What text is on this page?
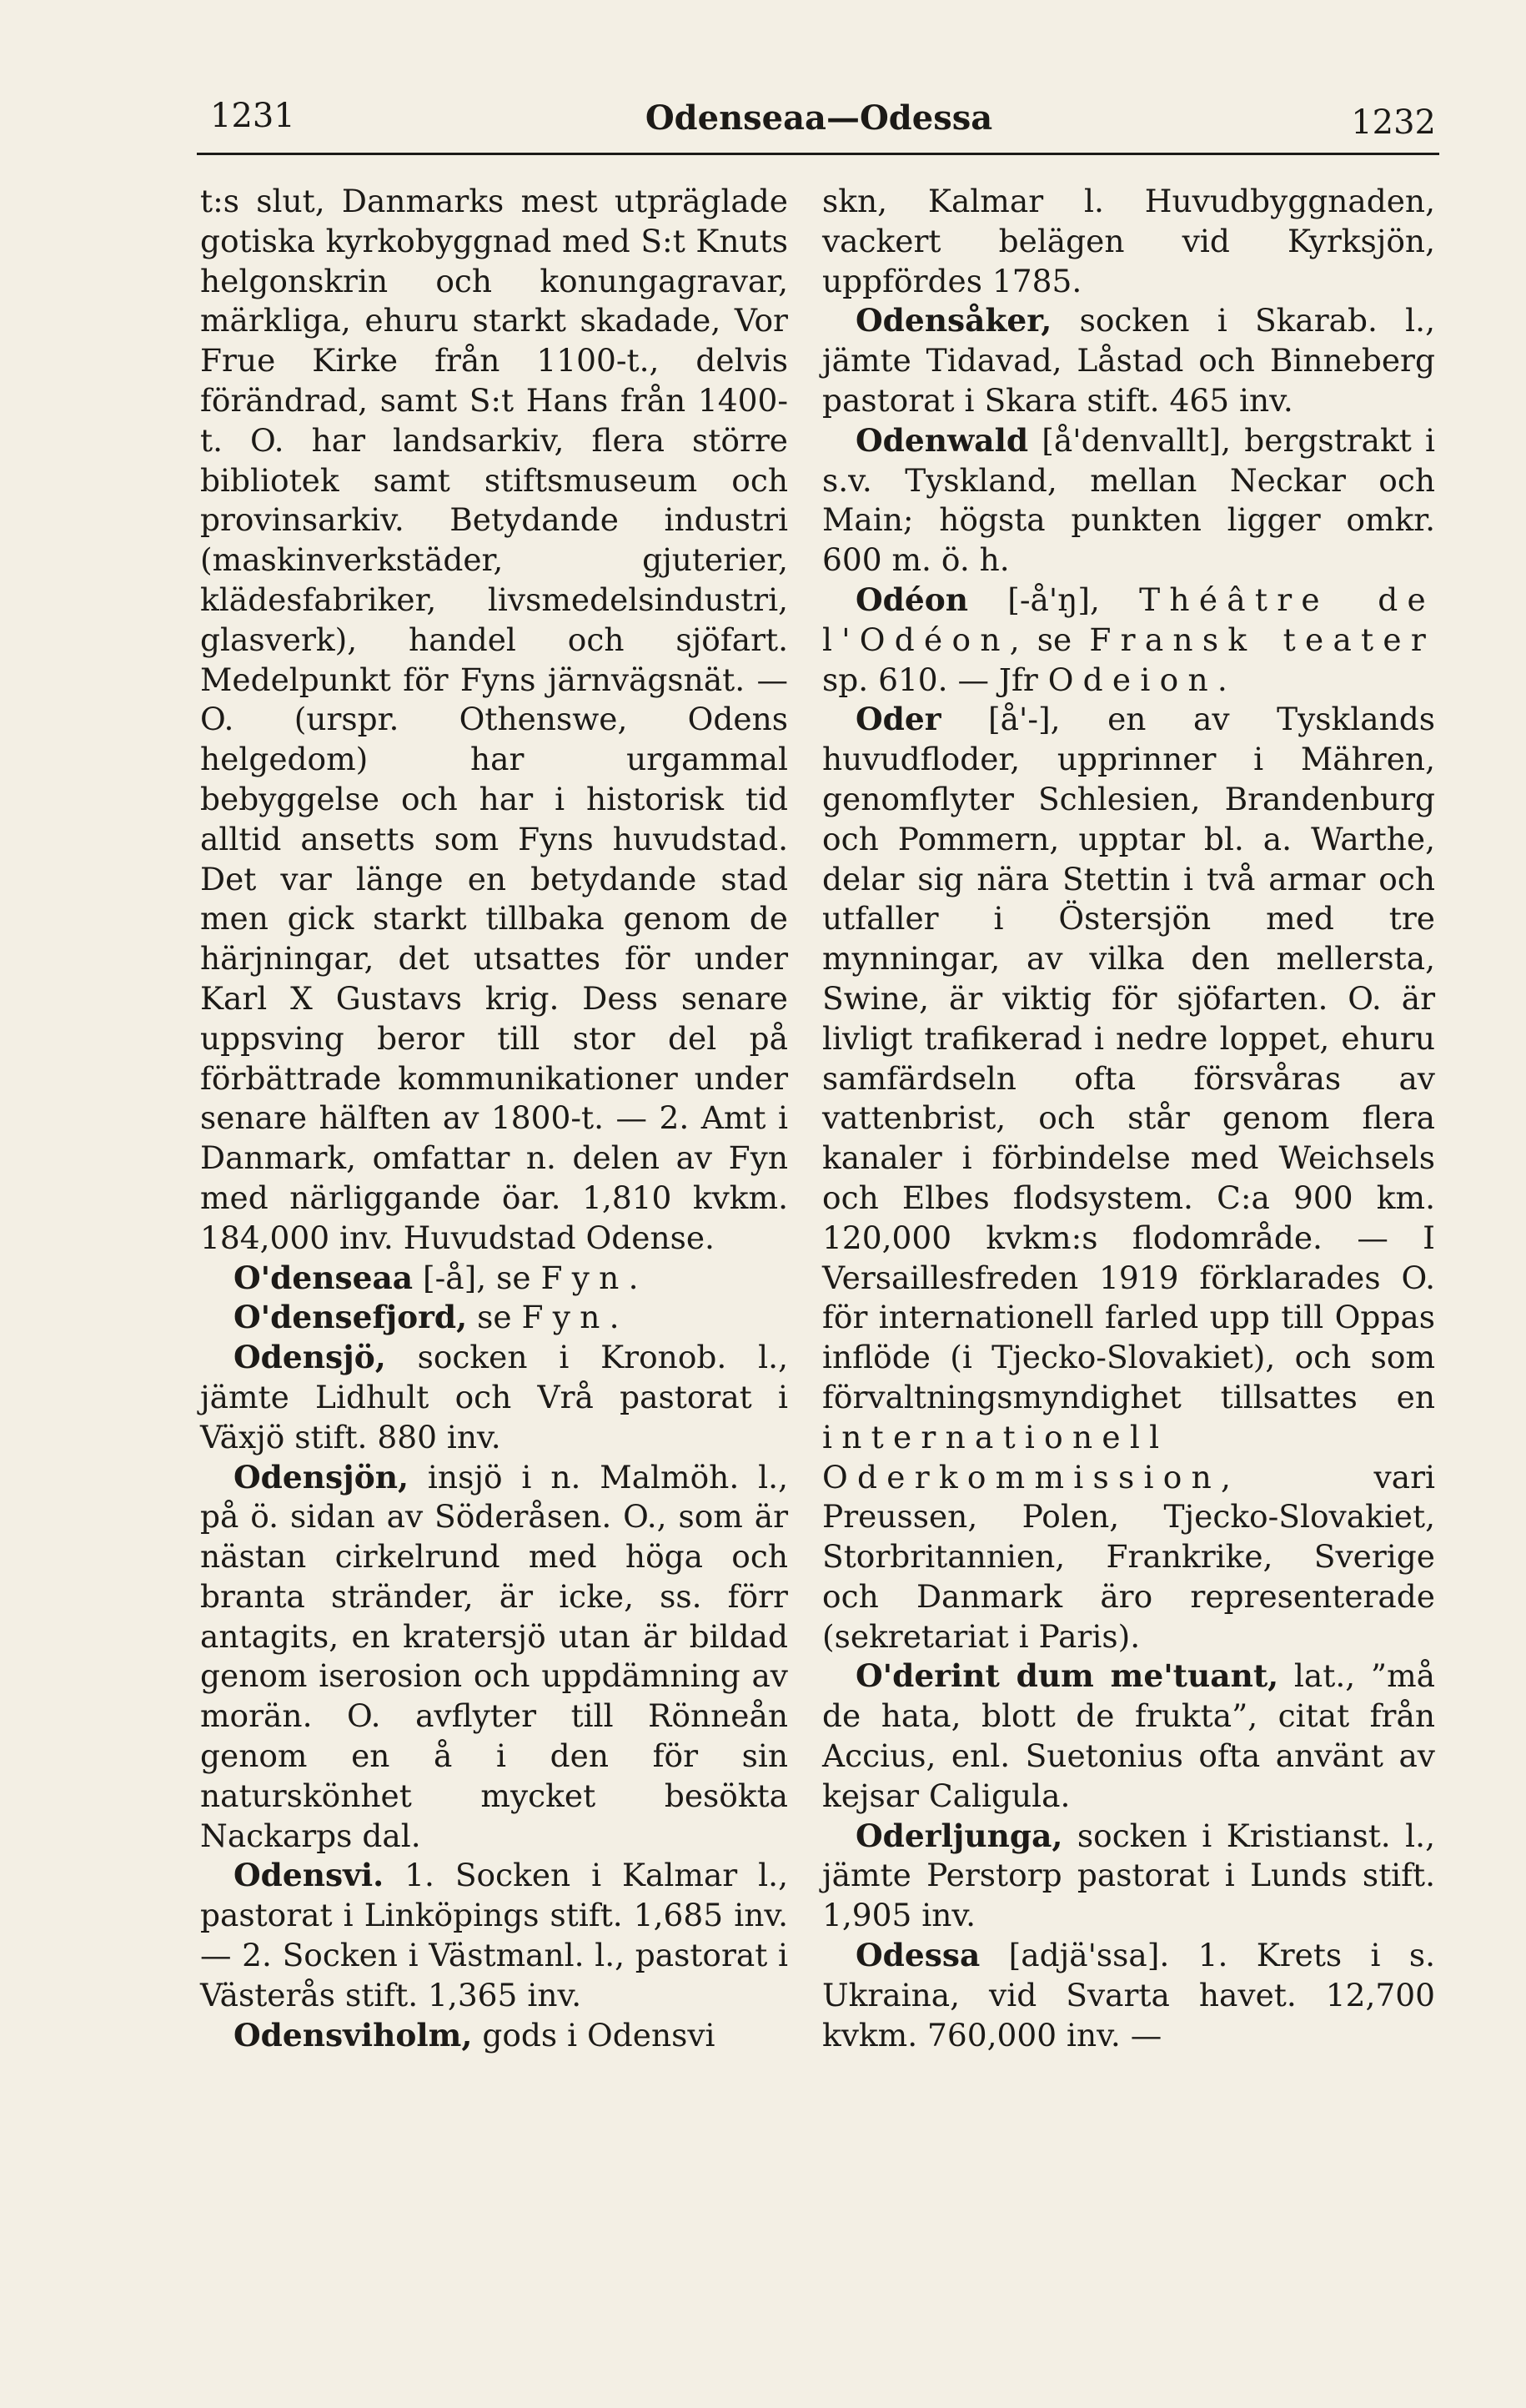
1231	Odenseaa—Odessa	1232

t:s slut, Danmarks mest utpräglade gotiska kyrkobyggnad med S:t Knuts helgonskrin och konungagravar, märkliga, ehuru starkt skadade, Vor Frue Kirke från 1100-t., delvis förändrad, samt S:t Hans från 1400-t. O. har landsarkiv, flera större bibliotek samt stiftsmuseum och provinsarkiv. Betydande industri (maskinverkstäder, gjuterier, klädesfabriker, livsmedelsindustri, glasverk), handel och sjöfart. Medelpunkt för Fyns järnvägsnät. — O. (urspr. Othenswe, Odens helgedom) har urgammal bebyggelse och har i historisk tid alltid ansetts som Fyns huvudstad. Det var länge en betydande stad men gick starkt tillbaka genom de härjningar, det utsattes för under Karl X Gustavs krig. Dess senare uppsving beror till stor del på förbättrade kommunikationer under senare hälften av 1800-t. — 2. Amt i Danmark, omfattar n. delen av Fyn med närliggande öar. 1,810 kvkm. 184,000 inv. Huvudstad Odense.

O'denseaa [-å], se Fyn.

O'densefjord, se Fyn.

Odensjö, socken i Kronob. l., jämte Lidhult och Vrå pastorat i Växjö stift. 880 inv.

Odensjön, insjö i n. Malmöh. l., på ö. sidan av Söderåsen. O., som är nästan cirkelrund med höga och branta stränder, är icke, ss. förr antagits, en kratersjö utan är bildad genom iserosion och uppdämning av morän. O. avflyter till Rönneån genom en å i den för sin naturskönhet mycket besökta Nackarps dal.

Odensvi. 1. Socken i Kalmar l., pastorat i Linköpings stift. 1,685 inv. — 2. Socken i Västmanl. l., pastorat i Västerås stift. 1,365 inv.

Odensviholm, gods i Odensvi

skn, Kalmar l. Huvudbyggnaden, vackert belägen vid Kyrksjön, uppfördes 1785.

Odensåker, socken i Skarab. l., jämte Tidavad, Låstad och Binneberg pastorat i Skara stift. 465 inv.

Odenwald [å'denvallt], bergstrakt i s.v. Tyskland, mellan Neckar och Main; högsta punkten ligger omkr. 600 m. ö. h.

Odéon [-å'ŋ], Théâtre de l'Odéon, se Fransk teater sp. 610. — Jfr Odeion.

Oder [å'-], en av Tysklands huvudfloder, upprinner i Mähren, genomflyter Schlesien, Brandenburg och Pommern, upptar bl. a. Warthe, delar sig nära Stettin i två armar och utfaller i Östersjön med tre mynningar, av vilka den mellersta, Swine, är viktig för sjöfarten. O. är livligt trafikerad i nedre loppet, ehuru samfärdseln ofta försvåras av vattenbrist, och står genom flera kanaler i förbindelse med Weichsels och Elbes flodsystem. C:a 900 km. 120,000 kvkm:s flodområde. — I Versaillesfreden 1919 förklarades O. för internationell farled upp till Oppas inflöde (i Tjecko-Slovakiet), och som förvaltningsmyndighet tillsattes en internationell Oderkommission, vari Preussen, Polen, Tjecko-Slovakiet, Storbritannien, Frankrike, Sverige och Danmark äro representerade (sekretariat i Paris).

O'derint dum me'tuant, lat., ”må de hata, blott de frukta”, citat från Accius, enl. Suetonius ofta använt av kejsar Caligula.

Oderljunga, socken i Kristianst. l., jämte Perstorp pastorat i Lunds stift. 1,905 inv.

Odessa [adjä'ssa]. 1. Krets i s. Ukraina, vid Svarta havet. 12,700 kvkm. 760,000 inv. —
